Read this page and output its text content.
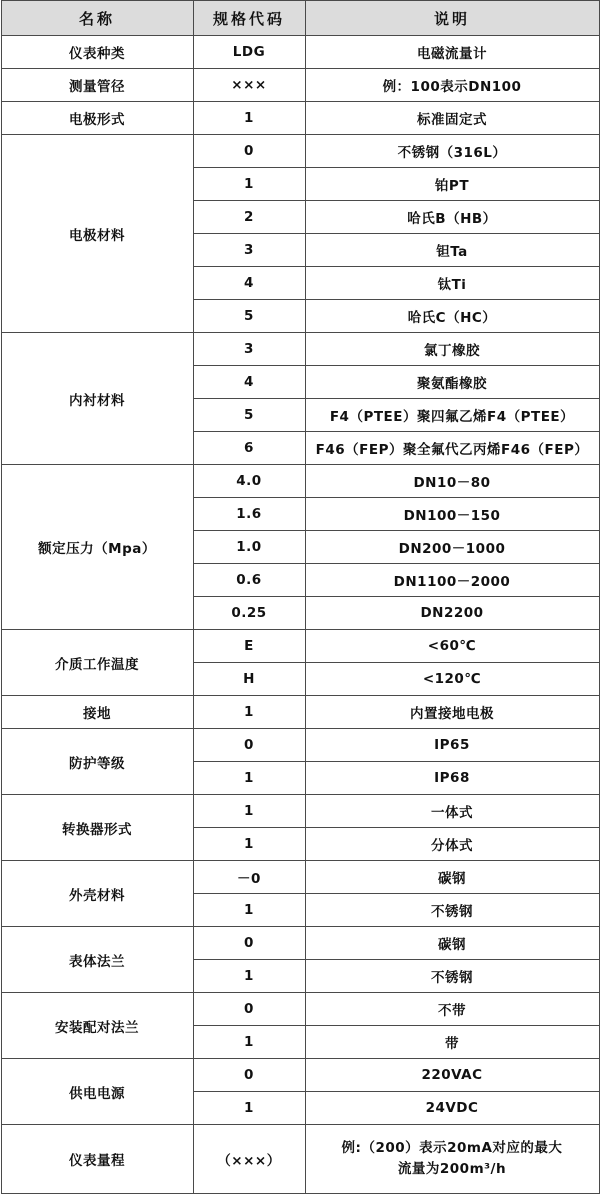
名称	规格代码	说明
仪表种类	LDG	电磁流量计
测量管径	×××	例：100表示DN100
电极形式	1	标准固定式
电极材料	0	不锈钢（316L）
	1	铂PT
	2	哈氏B（HB）
	3	钽Ta
	4	钛Ti
	5	哈氏C（HC）
内衬材料	3	氯丁橡胶
	4	聚氨酯橡胶
	5	F4（PTEE）聚四氟乙烯F4（PTEE）
	6	F46（FEP）聚全氟代乙丙烯F46（FEP）
额定压力（Mpa）	4.0	DN10－80
	1.6	DN100－150
	1.0	DN200－1000
	0.6	DN1100－2000
	0.25	DN2200
介质工作温度	E	<60℃
	H	<120℃
接地	1	内置接地电极
防护等级	0	IP65
	1	IP68
转换器形式	1	一体式
	1	分体式
外壳材料	－0	碳钢
	1	不锈钢
表体法兰	0	碳钢
	1	不锈钢
安装配对法兰	0	不带
	1	带
供电电源	0	220VAC
	1	24VDC
仪表量程	（×××）	例:（200）表示20mA对应的最大
流量为200m³/h
